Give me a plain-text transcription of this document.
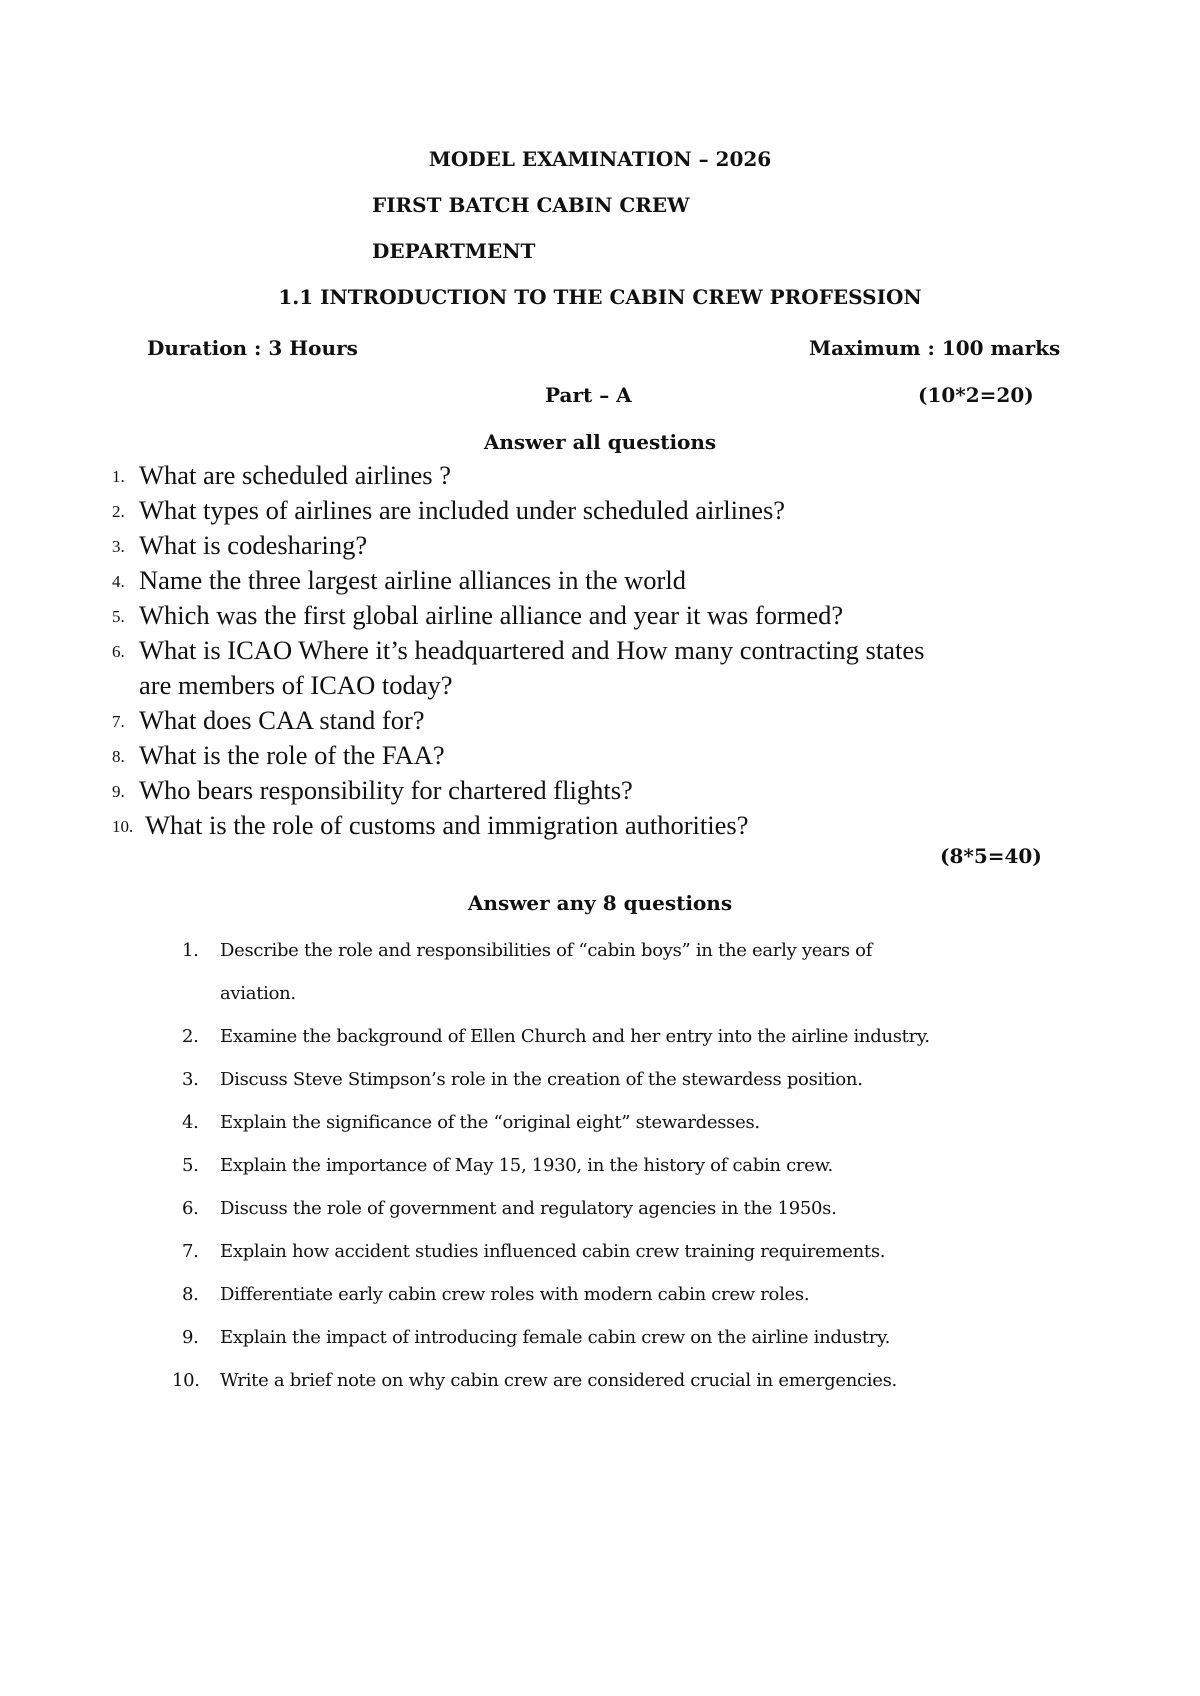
MODEL EXAMINATION – 2026
FIRST BATCH CABIN CREW
DEPARTMENT
1.1 INTRODUCTION TO THE CABIN CREW PROFESSION
Duration : 3 Hours	Maximum : 100 marks
Part – A	(10*2=20)
Answer all questions
1. What are scheduled airlines ?
2. What types of airlines are included under scheduled airlines?
3. What is codesharing?
4. Name the three largest airline alliances in the world
5. Which was the first global airline alliance and year it was formed?
6. What is ICAO Where it’s headquartered and How many contracting states
are members of ICAO today?
7. What does CAA stand for?
8. What is the role of the FAA?
9. Who bears responsibility for chartered flights?
10. What is the role of customs and immigration authorities?
(8*5=40)
Answer any 8 questions
1. Describe the role and responsibilities of “cabin boys” in the early years of
aviation.
2. Examine the background of Ellen Church and her entry into the airline industry.
3. Discuss Steve Stimpson’s role in the creation of the stewardess position.
4. Explain the significance of the “original eight” stewardesses.
5. Explain the importance of May 15, 1930, in the history of cabin crew.
6. Discuss the role of government and regulatory agencies in the 1950s.
7. Explain how accident studies influenced cabin crew training requirements.
8. Differentiate early cabin crew roles with modern cabin crew roles.
9. Explain the impact of introducing female cabin crew on the airline industry.
10. Write a brief note on why cabin crew are considered crucial in emergencies.
